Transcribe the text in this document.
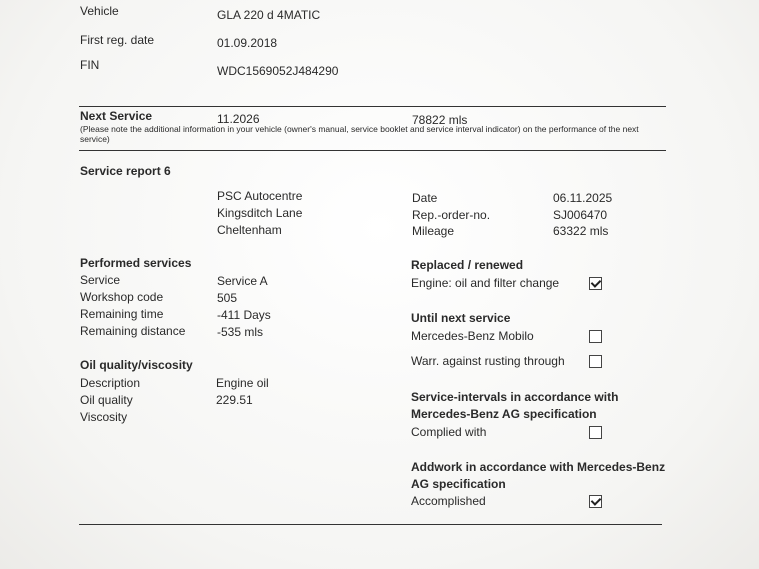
Vehicle	GLA 220 d 4MATIC
First reg. date	01.09.2018
FIN	WDC1569052J484290
Next Service	11.2026	78822 mls
(Please note the additional information in your vehicle (owner's manual, service booklet and service interval indicator) on the performance of the next service)
Service report 6
PSC Autocentre
Kingsditch Lane
Cheltenham
Date	06.11.2025
Rep.-order-no.	SJ006470
Mileage	63322 mls
Performed services
Service	Service A
Workshop code	505
Remaining time	-411 Days
Remaining distance	-535 mls
Oil quality/viscosity
Description	Engine oil
Oil quality	229.51
Viscosity
Replaced / renewed
Engine: oil and filter change
Until next service
Mercedes-Benz Mobilo
Warr. against rusting through
Service-intervals in accordance with
Mercedes-Benz AG specification
Complied with
Addwork in accordance with Mercedes-Benz
AG specification
Accomplished
